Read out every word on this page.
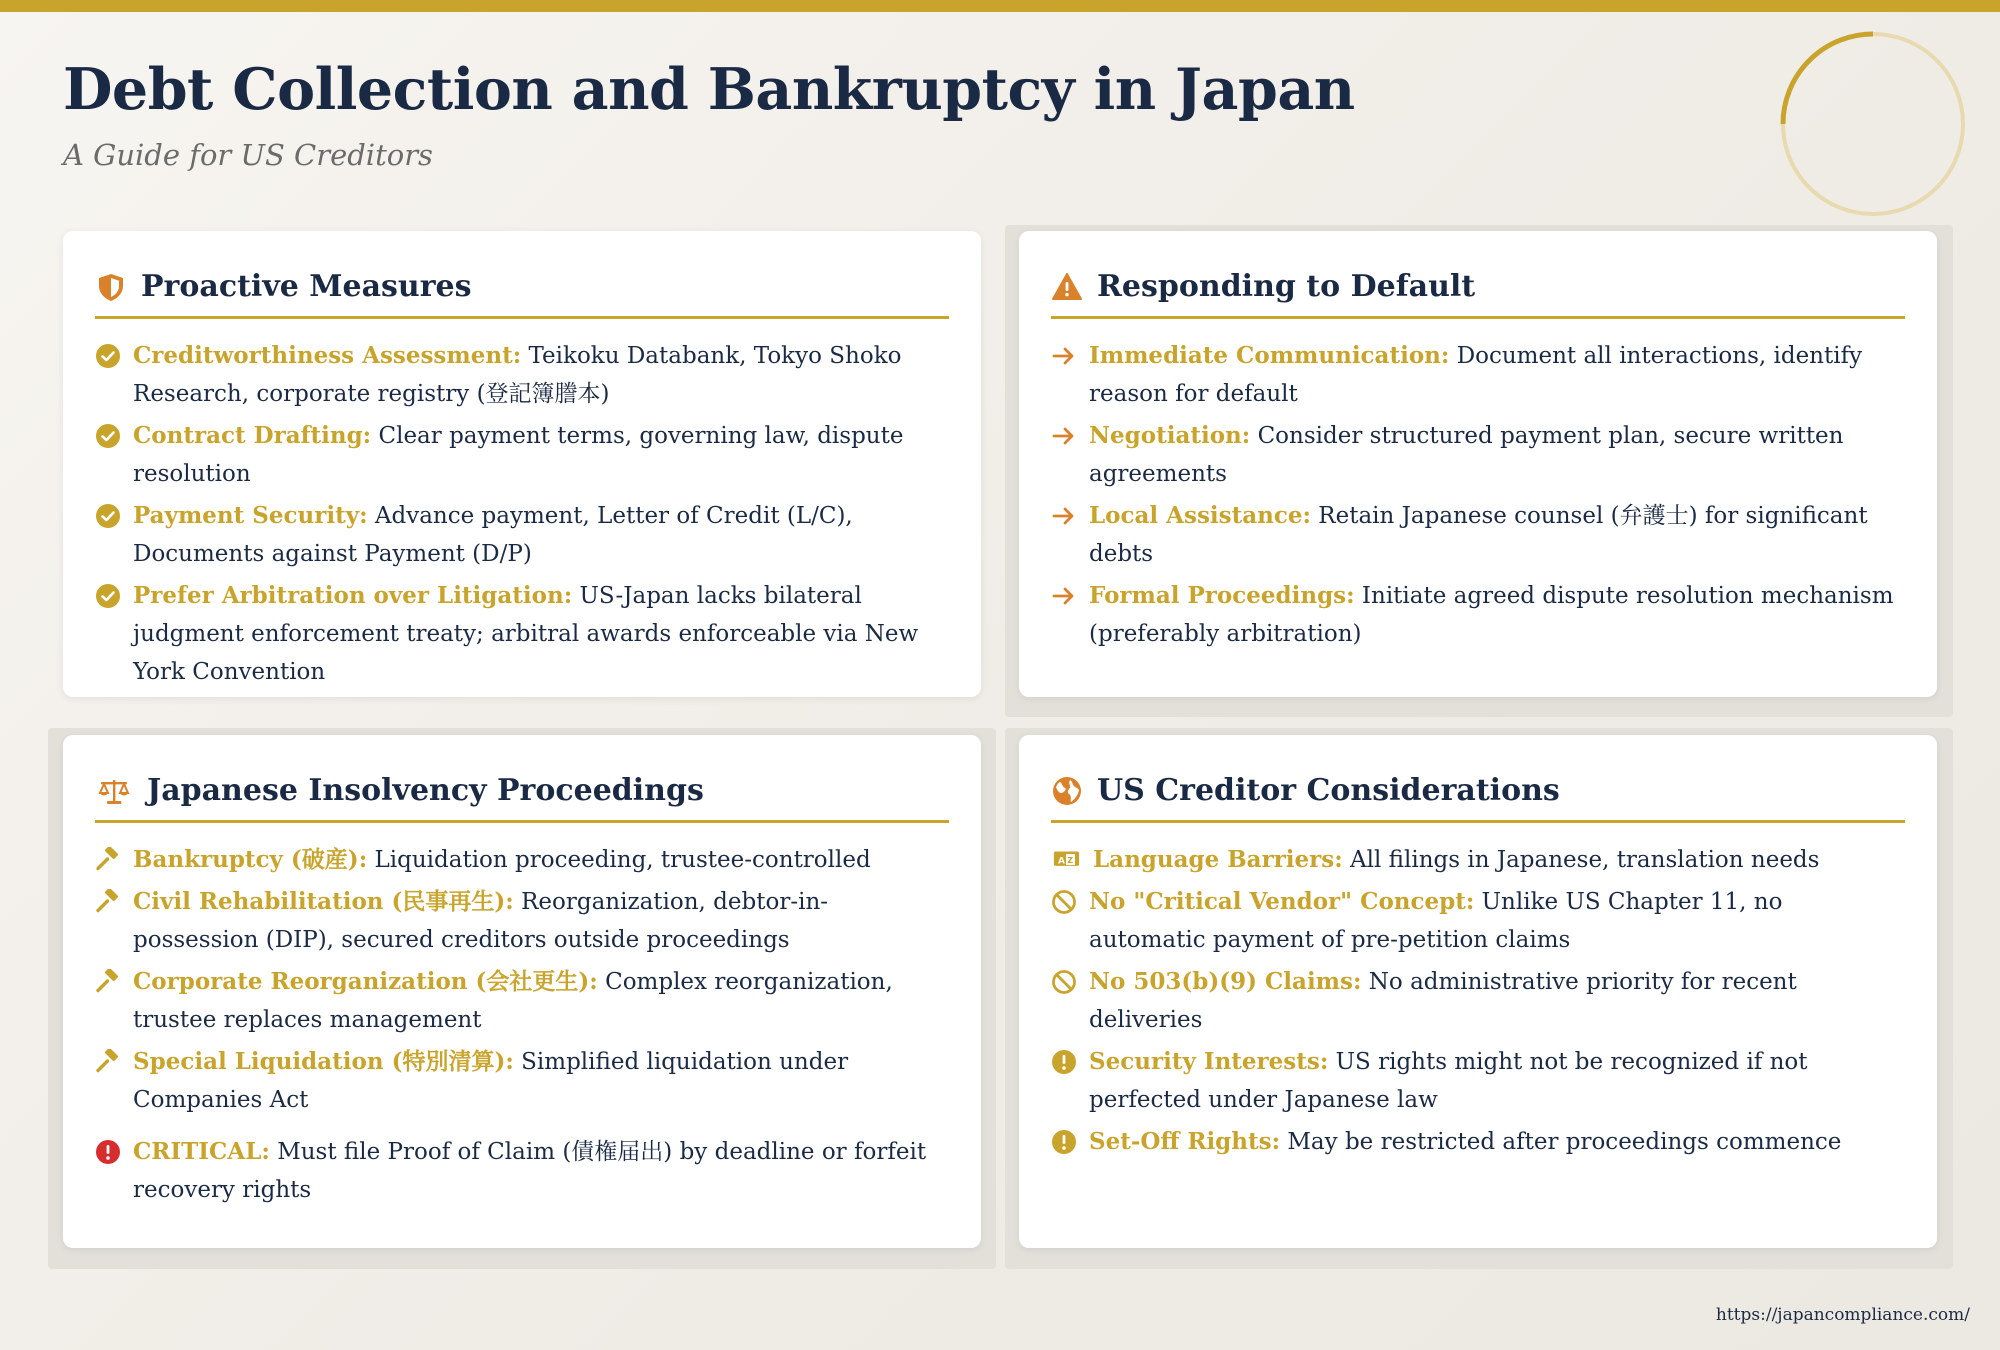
Debt Collection and Bankruptcy in Japan
A Guide for US Creditors
Proactive Measures
Creditworthiness Assessment: Teikoku Databank, Tokyo Shoko Research, corporate registry (登記簿謄本)
Contract Drafting: Clear payment terms, governing law, dispute resolution
Payment Security: Advance payment, Letter of Credit (L/C), Documents against Payment (D/P)
Prefer Arbitration over Litigation: US-Japan lacks bilateral judgment enforcement treaty; arbitral awards enforceable via New York Convention
Responding to Default
Immediate Communication: Document all interactions, identify reason for default
Negotiation: Consider structured payment plan, secure written agreements
Local Assistance: Retain Japanese counsel (弁護士) for significant debts
Formal Proceedings: Initiate agreed dispute resolution mechanism (preferably arbitration)
Japanese Insolvency Proceedings
Bankruptcy (破産): Liquidation proceeding, trustee-controlled
Civil Rehabilitation (民事再生): Reorganization, debtor-in-possession (DIP), secured creditors outside proceedings
Corporate Reorganization (会社更生): Complex reorganization, trustee replaces management
Special Liquidation (特別清算): Simplified liquidation under Companies Act
CRITICAL: Must file Proof of Claim (債権届出) by deadline or forfeit recovery rights
US Creditor Considerations
A Z Language Barriers: All filings in Japanese, translation needs
No "Critical Vendor" Concept: Unlike US Chapter 11, no automatic payment of pre-petition claims
No 503(b)(9) Claims: No administrative priority for recent deliveries
Security Interests: US rights might not be recognized if not perfected under Japanese law
Set-Off Rights: May be restricted after proceedings commence
https://japancompliance.com/
